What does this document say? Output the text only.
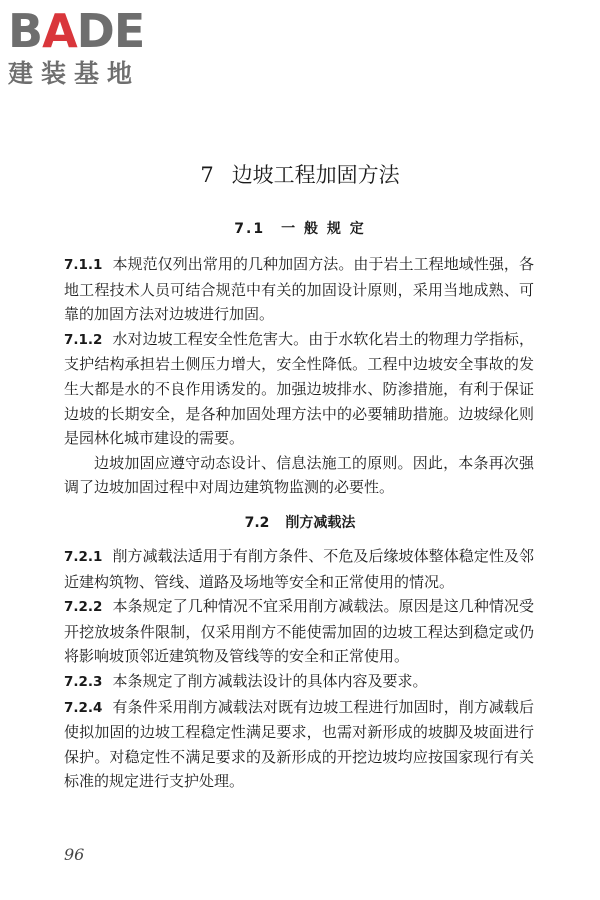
BADE
建装基地
7 边坡工程加固方法
7.1 一 般 规 定

7.1.1 本规范仅列出常用的几种加固方法。由于岩土工程地域性强，各地工程技术人员可结合规范中有关的加固设计原则，采用当地成熟、可靠的加固方法对边坡进行加固。

7.1.2 水对边坡工程安全性危害大。由于水软化岩土的物理力学指标，支护结构承担岩土侧压力增大，安全性降低。工程中边坡安全事故的发生大都是水的不良作用诱发的。加强边坡排水、防渗措施，有利于保证边坡的长期安全，是各种加固处理方法中的必要辅助措施。边坡绿化则是园林化城市建设的需要。

边坡加固应遵守动态设计、信息法施工的原则。因此，本条再次强调了边坡加固过程中对周边建筑物监测的必要性。

7.2 削方减载法

7.2.1 削方减载法适用于有削方条件、不危及后缘坡体整体稳定性及邻近建构筑物、管线、道路及场地等安全和正常使用的情况。

7.2.2 本条规定了几种情况不宜采用削方减载法。原因是这几种情况受开挖放坡条件限制，仅采用削方不能使需加固的边坡工程达到稳定或仍将影响坡顶邻近建筑物及管线等的安全和正常使用。

7.2.3 本条规定了削方减载法设计的具体内容及要求。

7.2.4 有条件采用削方减载法对既有边坡工程进行加固时，削方减载后使拟加固的边坡工程稳定性满足要求，也需对新形成的坡脚及坡面进行保护。对稳定性不满足要求的及新形成的开挖边坡均应按国家现行有关标准的规定进行支护处理。

96
